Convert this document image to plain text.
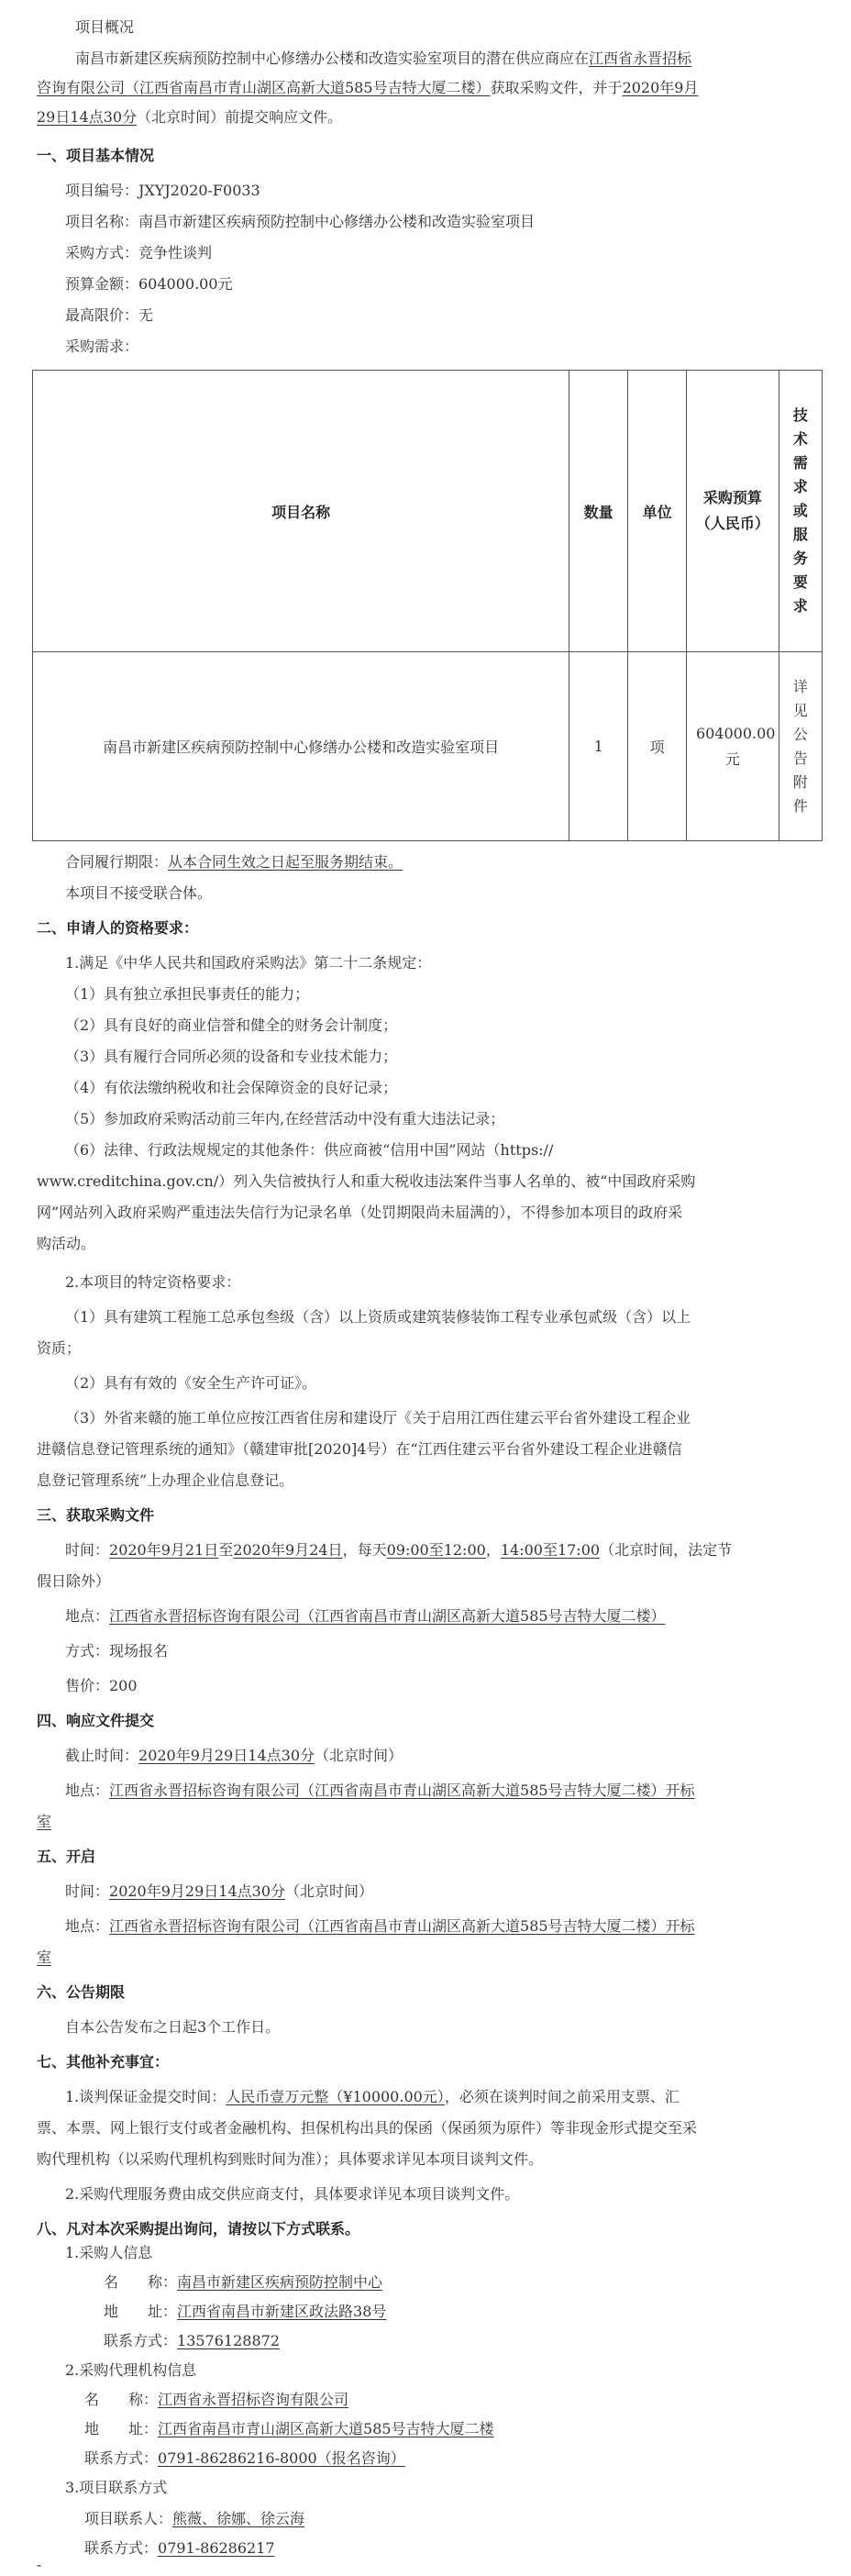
项目概况
南昌市新建区疾病预防控制中心修缮办公楼和改造实验室项目的潜在供应商应在江西省永晋招标
咨询有限公司（江西省南昌市青山湖区高新大道585号吉特大厦二楼）获取采购文件，并于2020年9月
29日14点30分（北京时间）前提交响应文件。
一、项目基本情况
项目编号：JXYJ2020-F0033
项目名称：南昌市新建区疾病预防控制中心修缮办公楼和改造实验室项目
采购方式：竞争性谈判
预算金额：604000.00元
最高限价：无
采购需求：
项目名称	数量	单位	采购预算（人民币）	技术需求或服务要求
南昌市新建区疾病预防控制中心修缮办公楼和改造实验室项目	1	项	604000.00元	详见公告附件
合同履行期限：从本合同生效之日起至服务期结束。
本项目不接受联合体。
二、申请人的资格要求：
1.满足《中华人民共和国政府采购法》第二十二条规定：
（1）具有独立承担民事责任的能力；
（2）具有良好的商业信誉和健全的财务会计制度；
（3）具有履行合同所必须的设备和专业技术能力；
（4）有依法缴纳税收和社会保障资金的良好记录；
（5）参加政府采购活动前三年内,在经营活动中没有重大违法记录；
（6）法律、行政法规规定的其他条件：供应商被“信用中国”网站（https://
www.creditchina.gov.cn/）列入失信被执行人和重大税收违法案件当事人名单的、被“中国政府采购
网”网站列入政府采购严重违法失信行为记录名单（处罚期限尚未届满的），不得参加本项目的政府采
购活动。
2.本项目的特定资格要求：
（1）具有建筑工程施工总承包叁级（含）以上资质或建筑装修装饰工程专业承包贰级（含）以上
资质；
（2）具有有效的《安全生产许可证》。
（3）外省来赣的施工单位应按江西省住房和建设厅《关于启用江西住建云平台省外建设工程企业
进赣信息登记管理系统的通知》（赣建审批[2020]4号）在“江西住建云平台省外建设工程企业进赣信
息登记管理系统”上办理企业信息登记。
三、获取采购文件
时间：2020年9月21日至2020年9月24日，每天09:00至12:00，14:00至17:00（北京时间，法定节
假日除外）
地点：江西省永晋招标咨询有限公司（江西省南昌市青山湖区高新大道585号吉特大厦二楼）
方式：现场报名
售价：200
四、响应文件提交
截止时间：2020年9月29日14点30分（北京时间）
地点：江西省永晋招标咨询有限公司（江西省南昌市青山湖区高新大道585号吉特大厦二楼）开标
室
五、开启
时间：2020年9月29日14点30分（北京时间）
地点：江西省永晋招标咨询有限公司（江西省南昌市青山湖区高新大道585号吉特大厦二楼）开标
室
六、公告期限
自本公告发布之日起3个工作日。
七、其他补充事宜：
1.谈判保证金提交时间：人民币壹万元整（¥10000.00元），必须在谈判时间之前采用支票、汇
票、本票、网上银行支付或者金融机构、担保机构出具的保函（保函须为原件）等非现金形式提交至采
购代理机构（以采购代理机构到账时间为准）；具体要求详见本项目谈判文件。
2.采购代理服务费由成交供应商支付，具体要求详见本项目谈判文件。
八、凡对本次采购提出询问，请按以下方式联系。
1.采购人信息
名　　称：南昌市新建区疾病预防控制中心
地　　址：江西省南昌市新建区政法路38号
联系方式：13576128872
2.采购代理机构信息
名　　称：江西省永晋招标咨询有限公司
地　　址：江西省南昌市青山湖区高新大道585号吉特大厦二楼
联系方式：0791-86286216-8000（报名咨询）
3.项目联系方式
项目联系人：熊薇、徐娜、徐云海
联系方式：0791-86286217
-
